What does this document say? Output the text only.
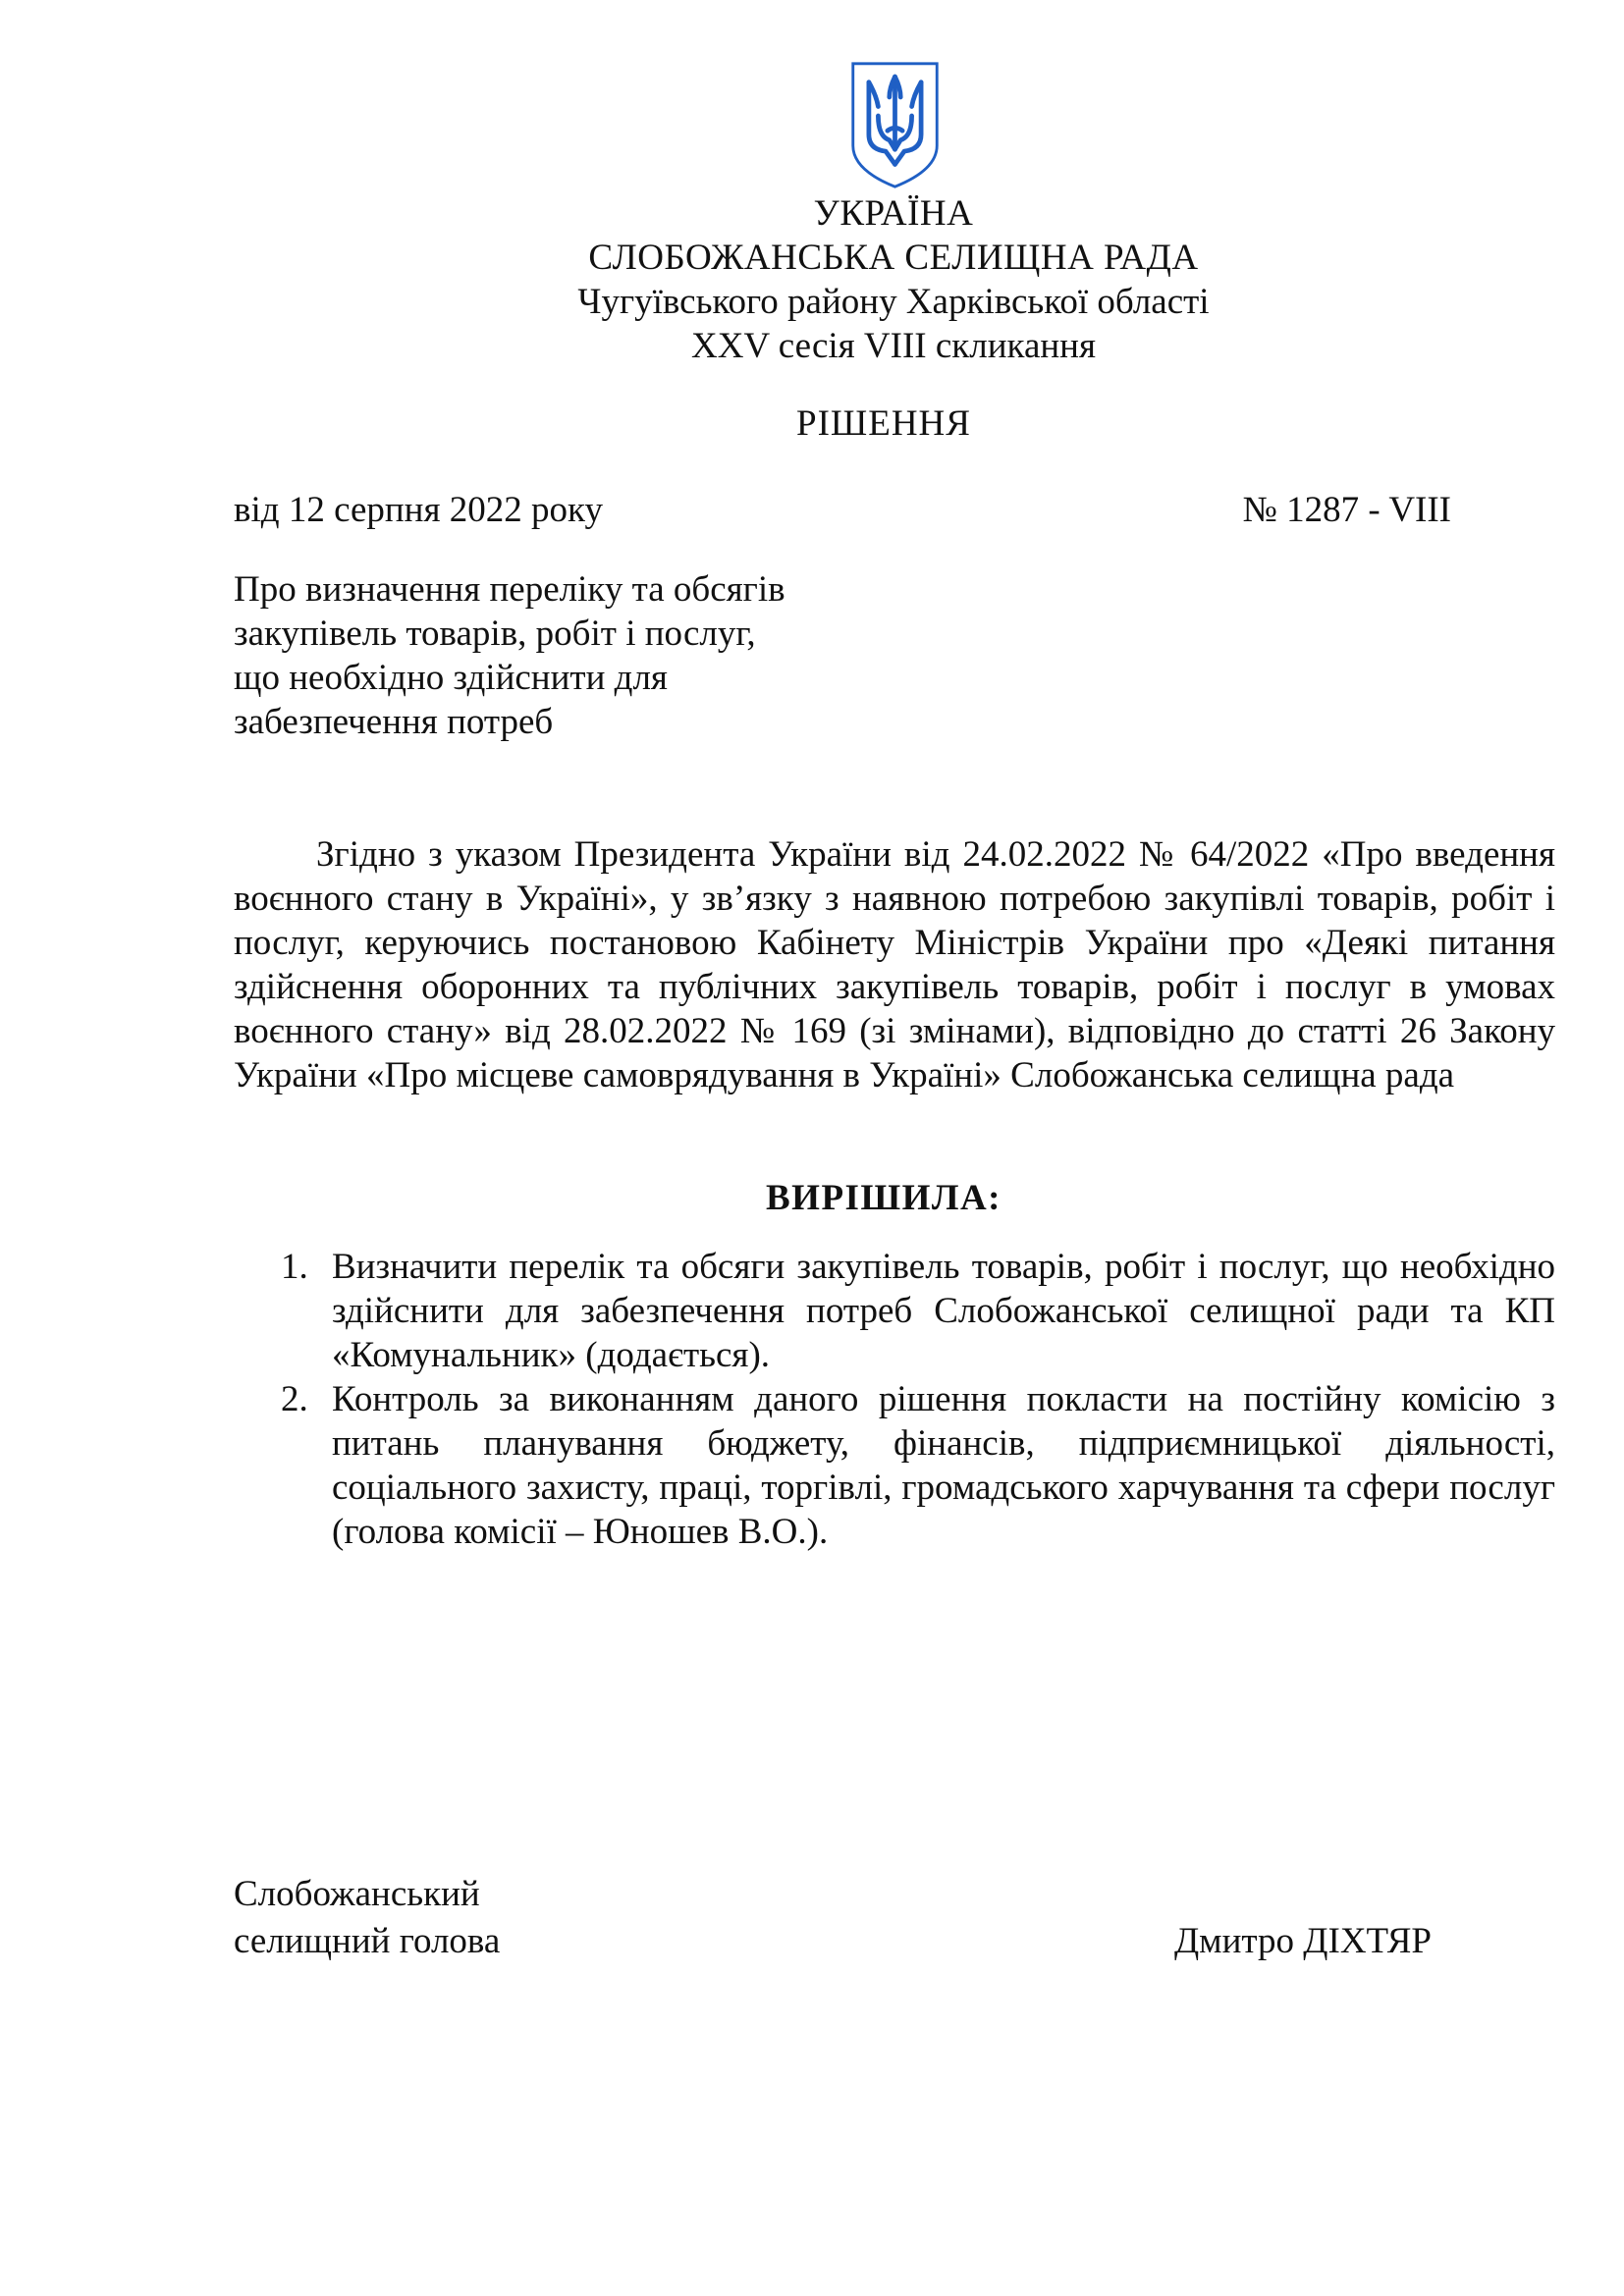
УКРАЇНА
СЛОБОЖАНСЬКА СЕЛИЩНА РАДА
Чугуївського району Харківської області
XXV сесія VIII скликання
РІШЕННЯ
від 12 серпня 2022 року	№ 1287 - VIII
Про визначення переліку та обсягів
закупівель товарів, робіт і послуг,
що необхідно здійснити для
забезпечення потреб

Згідно з указом Президента України від 24.02.2022 № 64/2022 «Про введення воєнного стану в Україні», у зв’язку з наявною потребою закупівлі товарів, робіт і послуг, керуючись постановою Кабінету Міністрів України про «Деякі питання здійснення оборонних та публічних закупівель товарів, робіт і послуг в умовах воєнного стану» від 28.02.2022 № 169 (зі змінами), відповідно до статті 26 Закону України «Про місцеве самоврядування в Україні» Слобожанська селищна рада

ВИРІШИЛА:
1. Визначити перелік та обсяги закупівель товарів, робіт і послуг, що необхідно здійснити для забезпечення потреб Слобожанської селищної ради та КП «Комунальник» (додається).
2. Контроль за виконанням даного рішення покласти на постійну комісію з питань планування бюджету, фінансів, підприємницької діяльності, соціального захисту, праці, торгівлі, громадського харчування та сфери послуг (голова комісії – Юношев В.О.).
Слобожанський
селищний голова	Дмитро ДІХТЯР
